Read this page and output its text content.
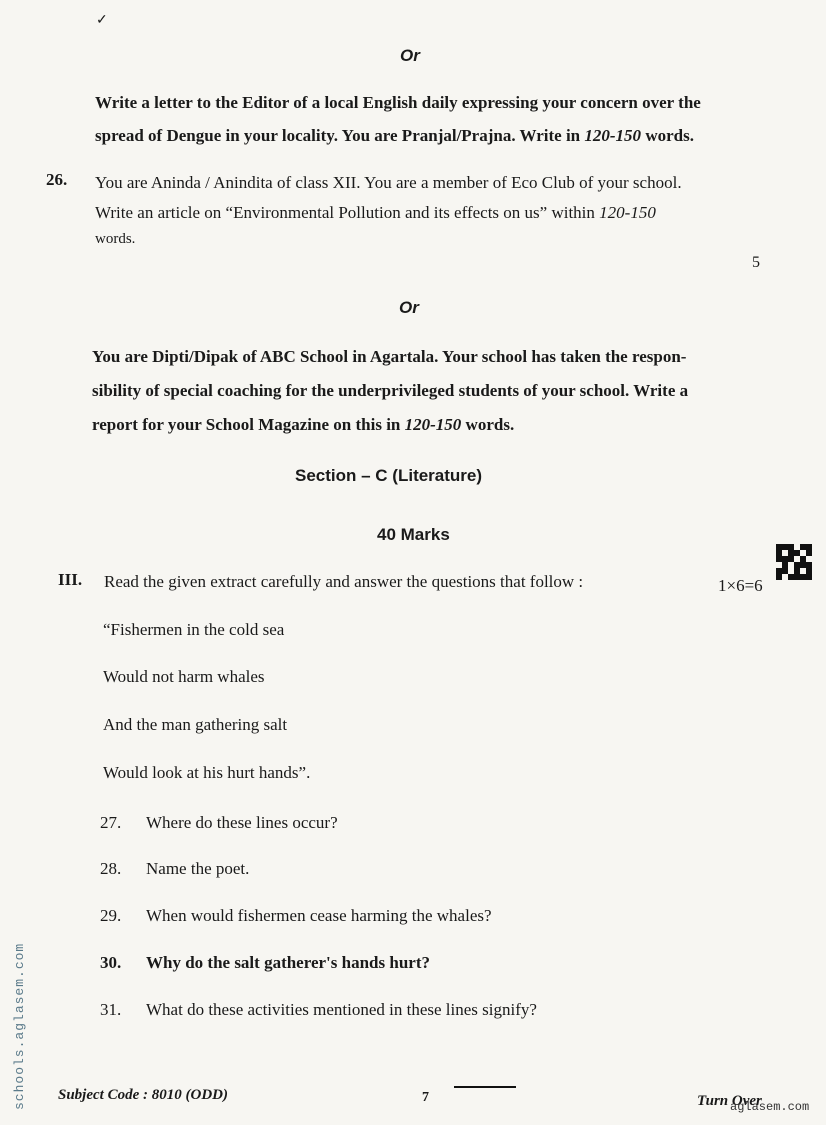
✓
Or
Write a letter to the Editor of a local English daily expressing your concern over the
spread of Dengue in your locality. You are Pranjal/Prajna. Write in 120-150 words.
26. You are Aninda / Anindita of class XII. You are a member of Eco Club of your school.
Write an article on “Environmental Pollution and its effects on us” within 120-150
words.
5
Or
You are Dipti/Dipak of ABC School in Agartala. Your school has taken the respon-
sibility of special coaching for the underprivileged students of your school. Write a
report for your School Magazine on this in 120-150 words.
Section – C (Literature)
40 Marks
III. Read the given extract carefully and answer the questions that follow :	1×6=6
“Fishermen in the cold sea
Would not harm whales
And the man gathering salt
Would look at his hurt hands”.
27. Where do these lines occur?
28. Name the poet.
29. When would fishermen cease harming the whales?
30. Why do the salt gatherer's hands hurt?
31. What do these activities mentioned in these lines signify?
Subject Code : 8010 (ODD)	7	Turn Over
aglasem.com
schools.aglasem.com
